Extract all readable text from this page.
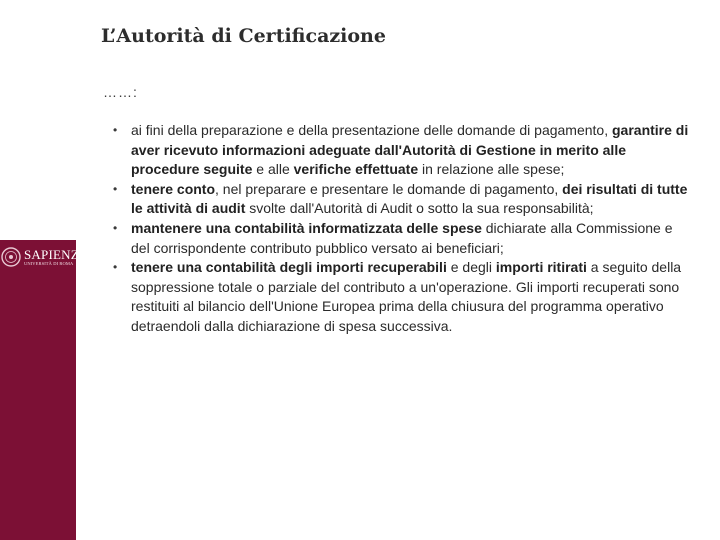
SAPIENZA
UNIVERSITÀ DI ROMA
L’Autorità di Certificazione
……:
• ai fini della preparazione e della presentazione delle domande di pagamento, garantire di aver ricevuto informazioni adeguate dall'Autorità di Gestione in merito alle procedure seguite e alle verifiche effettuate in relazione alle spese;
• tenere conto, nel preparare e presentare le domande di pagamento, dei risultati di tutte le attività di audit svolte dall'Autorità di Audit o sotto la sua responsabilità;
• mantenere una contabilità informatizzata delle spese dichiarate alla Commissione e del corrispondente contributo pubblico versato ai beneficiari;
• tenere una contabilità degli importi recuperabili e degli importi ritirati a seguito della soppressione totale o parziale del contributo a un'operazione. Gli importi recuperati sono restituiti al bilancio dell'Unione Europea prima della chiusura del programma operativo detraendoli dalla dichiarazione di spesa successiva.
